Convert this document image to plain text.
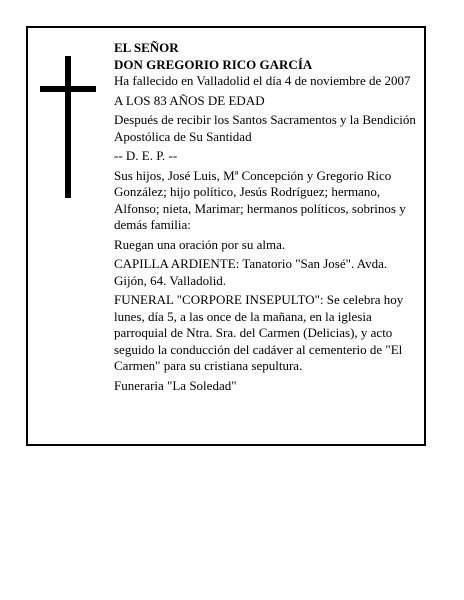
EL SEÑOR

DON GREGORIO RICO GARCÍA

Ha fallecido en Valladolid el día 4 de noviembre de 2007

A LOS 83 AÑOS DE EDAD

Después de recibir los Santos Sacramentos y la Bendición Apostólica de Su Santidad

-- D. E. P. --

Sus hijos, José Luis, Mª Concepción y Gregorio Rico González; hijo político, Jesús Rodríguez; hermano, Alfonso; nieta, Marimar; hermanos políticos, sobrinos y demás familia:

Ruegan una oración por su alma.

CAPILLA ARDIENTE: Tanatorio "San José". Avda. Gijón, 64. Valladolid.

FUNERAL "CORPORE INSEPULTO": Se celebra hoy lunes, día 5, a las once de la mañana, en la iglesia parroquial de Ntra. Sra. del Carmen (Delicias), y acto seguido la conducción del cadáver al cementerio de "El Carmen" para su cristiana sepultura.

Funeraria "La Soledad"
